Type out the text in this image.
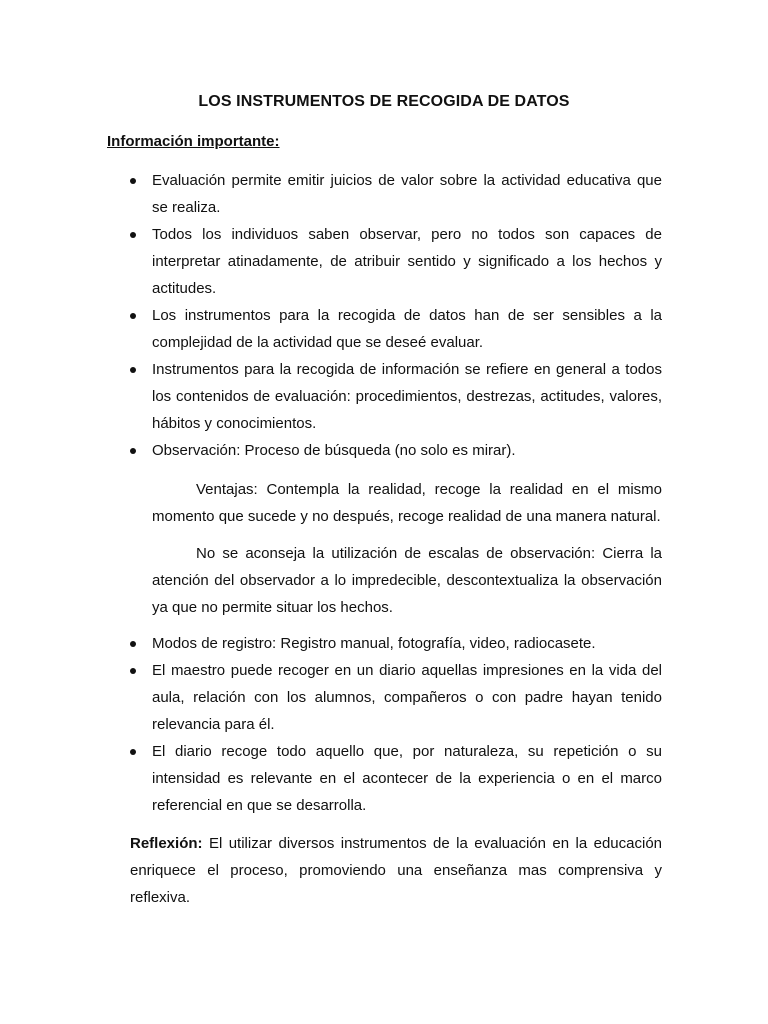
LOS INSTRUMENTOS DE RECOGIDA DE DATOS
Información importante:
Evaluación permite emitir juicios de valor sobre la actividad educativa que se realiza.
Todos los individuos saben observar, pero no todos son capaces de interpretar atinadamente, de atribuir sentido y significado a los hechos y actitudes.
Los instrumentos para la recogida de datos han de ser sensibles a la complejidad de la actividad que se deseé evaluar.
Instrumentos para la recogida de información se refiere en general a todos los contenidos de evaluación: procedimientos, destrezas, actitudes, valores, hábitos y conocimientos.
Observación: Proceso de búsqueda (no solo es mirar).

Ventajas: Contempla la realidad, recoge la realidad en el mismo momento que sucede y no después, recoge realidad de una manera natural.

No se aconseja la utilización de escalas de observación: Cierra la atención del observador a lo impredecible, descontextualiza la observación ya que no permite situar los hechos.

Modos de registro: Registro manual, fotografía, video, radiocasete.
El maestro puede recoger en un diario aquellas impresiones en la vida del aula, relación con los alumnos, compañeros o con padre hayan tenido relevancia para él.
El diario recoge todo aquello que, por naturaleza, su repetición o su intensidad es relevante en el acontecer de la experiencia o en el marco referencial en que se desarrolla.

Reflexión: El utilizar diversos instrumentos de la evaluación en la educación enriquece el proceso, promoviendo una enseñanza mas comprensiva y reflexiva.
